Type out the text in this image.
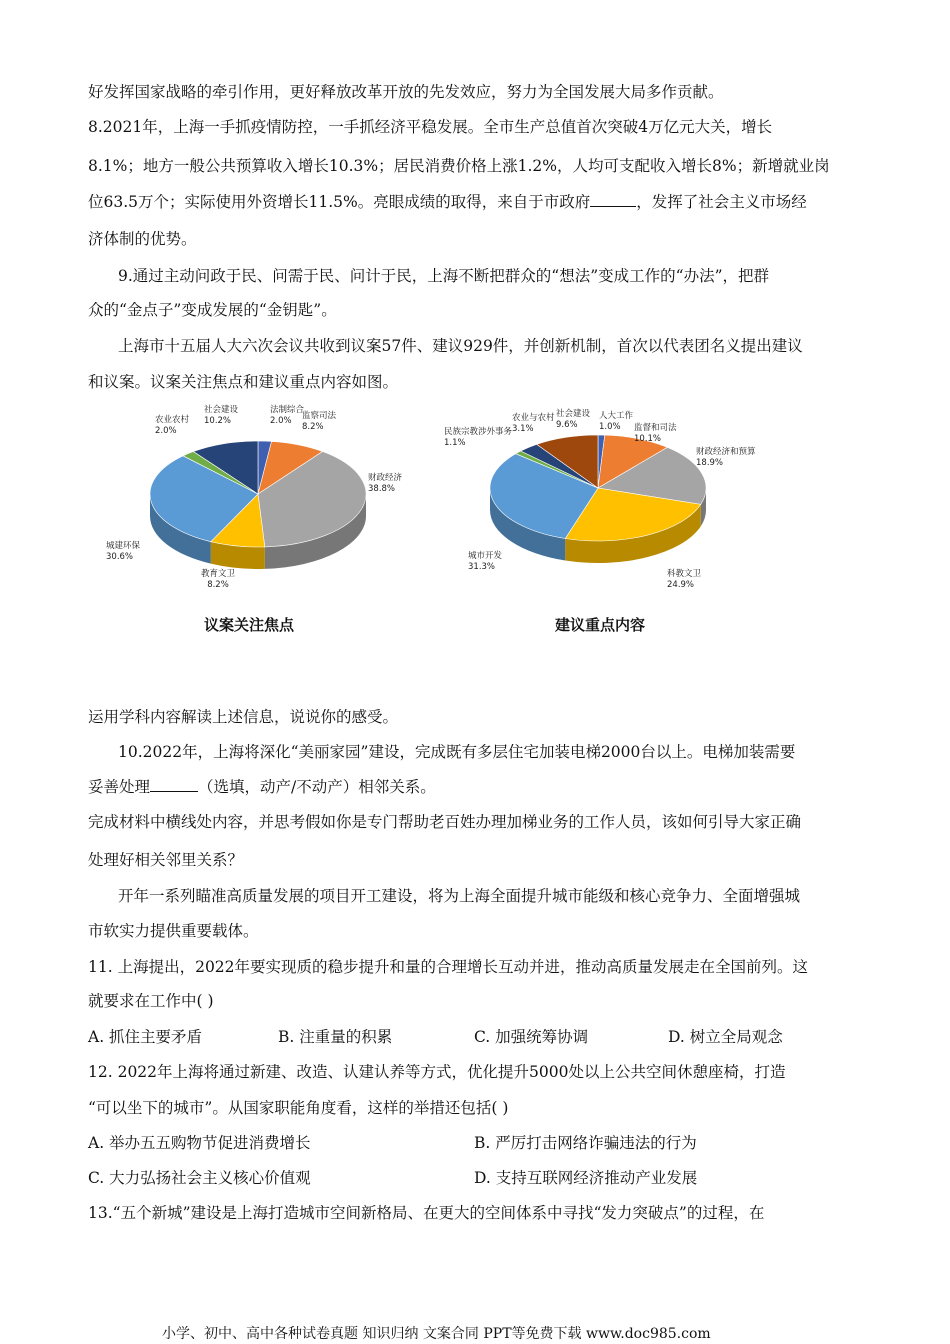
好发挥国家战略的牵引作用，更好释放改革开放的先发效应，努力为全国发展大局多作贡献。
8.2021年，上海一手抓疫情防控，一手抓经济平稳发展。全市生产总值首次突破4万亿元大关，增长
8.1%；地方一般公共预算收入增长10.3%；居民消费价格上涨1.2%，人均可支配收入增长8%；新增就业岗
位63.5万个；实际使用外资增长11.5%。亮眼成绩的取得，来自于市政府	，发挥了社会主义市场经
济体制的优势。
9.通过主动问政于民、问需于民、问计于民，上海不断把群众的“想法”变成工作的“办法”，把群
众的“金点子”变成发展的“金钥匙”。
上海市十五届人大六次会议共收到议案57件、建议929件，并创新机制，首次以代表团名义提出建议
和议案。议案关注焦点和建议重点内容如图。
法制综合
2.0% 监察司法
8.2%
财政经济
38.8%
教育文卫
8.2%
城建环保
30.6%
农业农村
2.0%
社会建设
10.2%	人大工作
1.0% 监督和司法
10.1%
财政经济和预算
18.9%
科教文卫
24.9%
城市开发
31.3%
民族宗教涉外事务
1.1%
农业与农村
3.1%
社会建设
9.6%
议案关注焦点	建议重点内容
运用学科内容解读上述信息，说说你的感受。
10.2022年，上海将深化“美丽家园”建设，完成既有多层住宅加装电梯2000台以上。电梯加装需要
妥善处理	（选填，动产/不动产）相邻关系。
完成材料中横线处内容，并思考假如你是专门帮助老百姓办理加梯业务的工作人员，该如何引导大家正确
处理好相关邻里关系？
开年一系列瞄准高质量发展的项目开工建设，将为上海全面提升城市能级和核心竞争力、全面增强城
市软实力提供重要载体。
11. 上海提出，2022年要实现质的稳步提升和量的合理增长互动并进，推动高质量发展走在全国前列。这
就要求在工作中( )
A. 抓住主要矛盾	B. 注重量的积累	C. 加强统筹协调	D. 树立全局观念
12. 2022年上海将通过新建、改造、认建认养等方式，优化提升5000处以上公共空间休憩座椅，打造
“可以坐下的城市”。从国家职能角度看，这样的举措还包括( )
A. 举办五五购物节促进消费增长	B. 严厉打击网络诈骗违法的行为
C. 大力弘扬社会主义核心价值观	D. 支持互联网经济推动产业发展
13.“五个新城”建设是上海打造城市空间新格局、在更大的空间体系中寻找“发力突破点”的过程，在
小学、初中、高中各种试卷真题 知识归纳 文案合同 PPT等免费下载 www.doc985.com
